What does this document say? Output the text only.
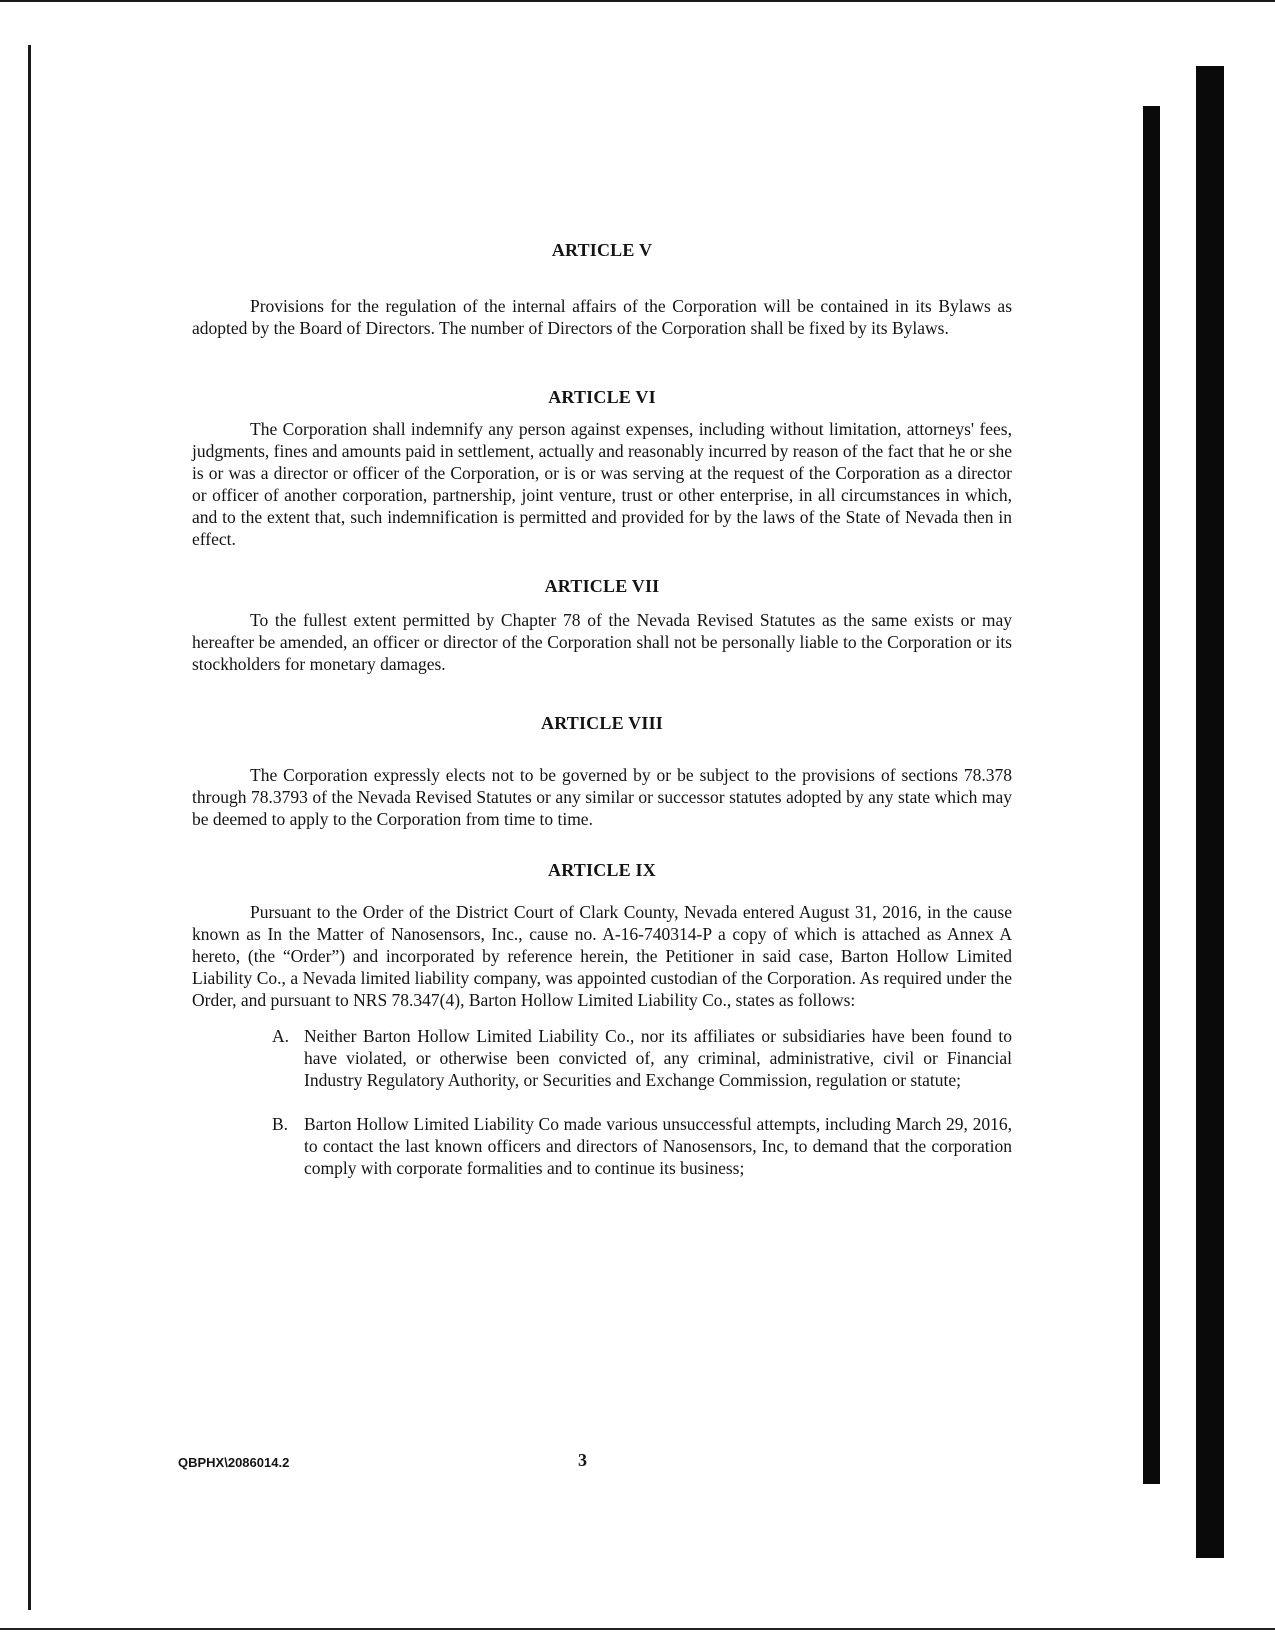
ARTICLE V

Provisions for the regulation of the internal affairs of the Corporation will be contained in its Bylaws as adopted by the Board of Directors. The number of Directors of the Corporation shall be fixed by its Bylaws.

ARTICLE VI

The Corporation shall indemnify any person against expenses, including without limitation, attorneys' fees, judgments, fines and amounts paid in settlement, actually and reasonably incurred by reason of the fact that he or she is or was a director or officer of the Corporation, or is or was serving at the request of the Corporation as a director or officer of another corporation, partnership, joint venture, trust or other enterprise, in all circumstances in which, and to the extent that, such indemnification is permitted and provided for by the laws of the State of Nevada then in effect.

ARTICLE VII

To the fullest extent permitted by Chapter 78 of the Nevada Revised Statutes as the same exists or may hereafter be amended, an officer or director of the Corporation shall not be personally liable to the Corporation or its stockholders for monetary damages.

ARTICLE VIII

The Corporation expressly elects not to be governed by or be subject to the provisions of sections 78.378 through 78.3793 of the Nevada Revised Statutes or any similar or successor statutes adopted by any state which may be deemed to apply to the Corporation from time to time.

ARTICLE IX

Pursuant to the Order of the District Court of Clark County, Nevada entered August 31, 2016, in the cause known as In the Matter of Nanosensors, Inc., cause no. A-16-740314-P a copy of which is attached as Annex A hereto, (the “Order”) and incorporated by reference herein, the Petitioner in said case, Barton Hollow Limited Liability Co., a Nevada limited liability company, was appointed custodian of the Corporation. As required under the Order, and pursuant to NRS 78.347(4), Barton Hollow Limited Liability Co., states as follows:

A. Neither Barton Hollow Limited Liability Co., nor its affiliates or subsidiaries have been found to have violated, or otherwise been convicted of, any criminal, administrative, civil or Financial Industry Regulatory Authority, or Securities and Exchange Commission, regulation or statute;
B. Barton Hollow Limited Liability Co made various unsuccessful attempts, including March 29, 2016, to contact the last known officers and directors of Nanosensors, Inc, to demand that the corporation comply with corporate formalities and to continue its business;
QBPHX\2086014.2	3
